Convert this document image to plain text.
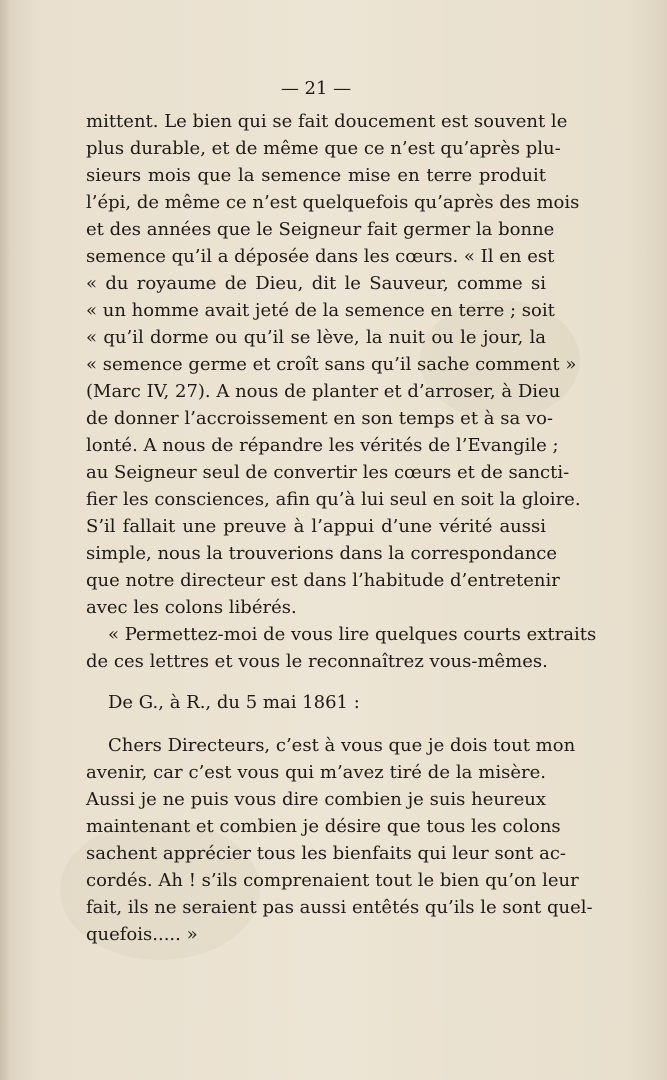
— 21 —
mittent. Le bien qui se fait doucement est souvent le
plus durable, et de même que ce n’est qu’après plu-
sieurs mois que la semence mise en terre produit
l’épi, de même ce n’est quelquefois qu’après des mois
et des années que le Seigneur fait germer la bonne
semence qu’il a déposée dans les cœurs. « Il en est
« du royaume de Dieu, dit le Sauveur, comme si
« un homme avait jeté de la semence en terre ; soit
« qu’il dorme ou qu’il se lève, la nuit ou le jour, la
« semence germe et croît sans qu’il sache comment »
(Marc IV, 27). A nous de planter et d’arroser, à Dieu
de donner l’accroissement en son temps et à sa vo-
lonté. A nous de répandre les vérités de l’Evangile ;
au Seigneur seul de convertir les cœurs et de sancti-
fier les consciences, afin qu’à lui seul en soit la gloire.
S’il fallait une preuve à l’appui d’une vérité aussi
simple, nous la trouverions dans la correspondance
que notre directeur est dans l’habitude d’entretenir
avec les colons libérés.
« Permettez-moi de vous lire quelques courts extraits
de ces lettres et vous le reconnaîtrez vous-mêmes.
De G., à R., du 5 mai 1861 :
Chers Directeurs, c’est à vous que je dois tout mon
avenir, car c’est vous qui m’avez tiré de la misère.
Aussi je ne puis vous dire combien je suis heureux
maintenant et combien je désire que tous les colons
sachent apprécier tous les bienfaits qui leur sont ac-
cordés. Ah ! s’ils comprenaient tout le bien qu’on leur
fait, ils ne seraient pas aussi entêtés qu’ils le sont quel-
quefois..... »
